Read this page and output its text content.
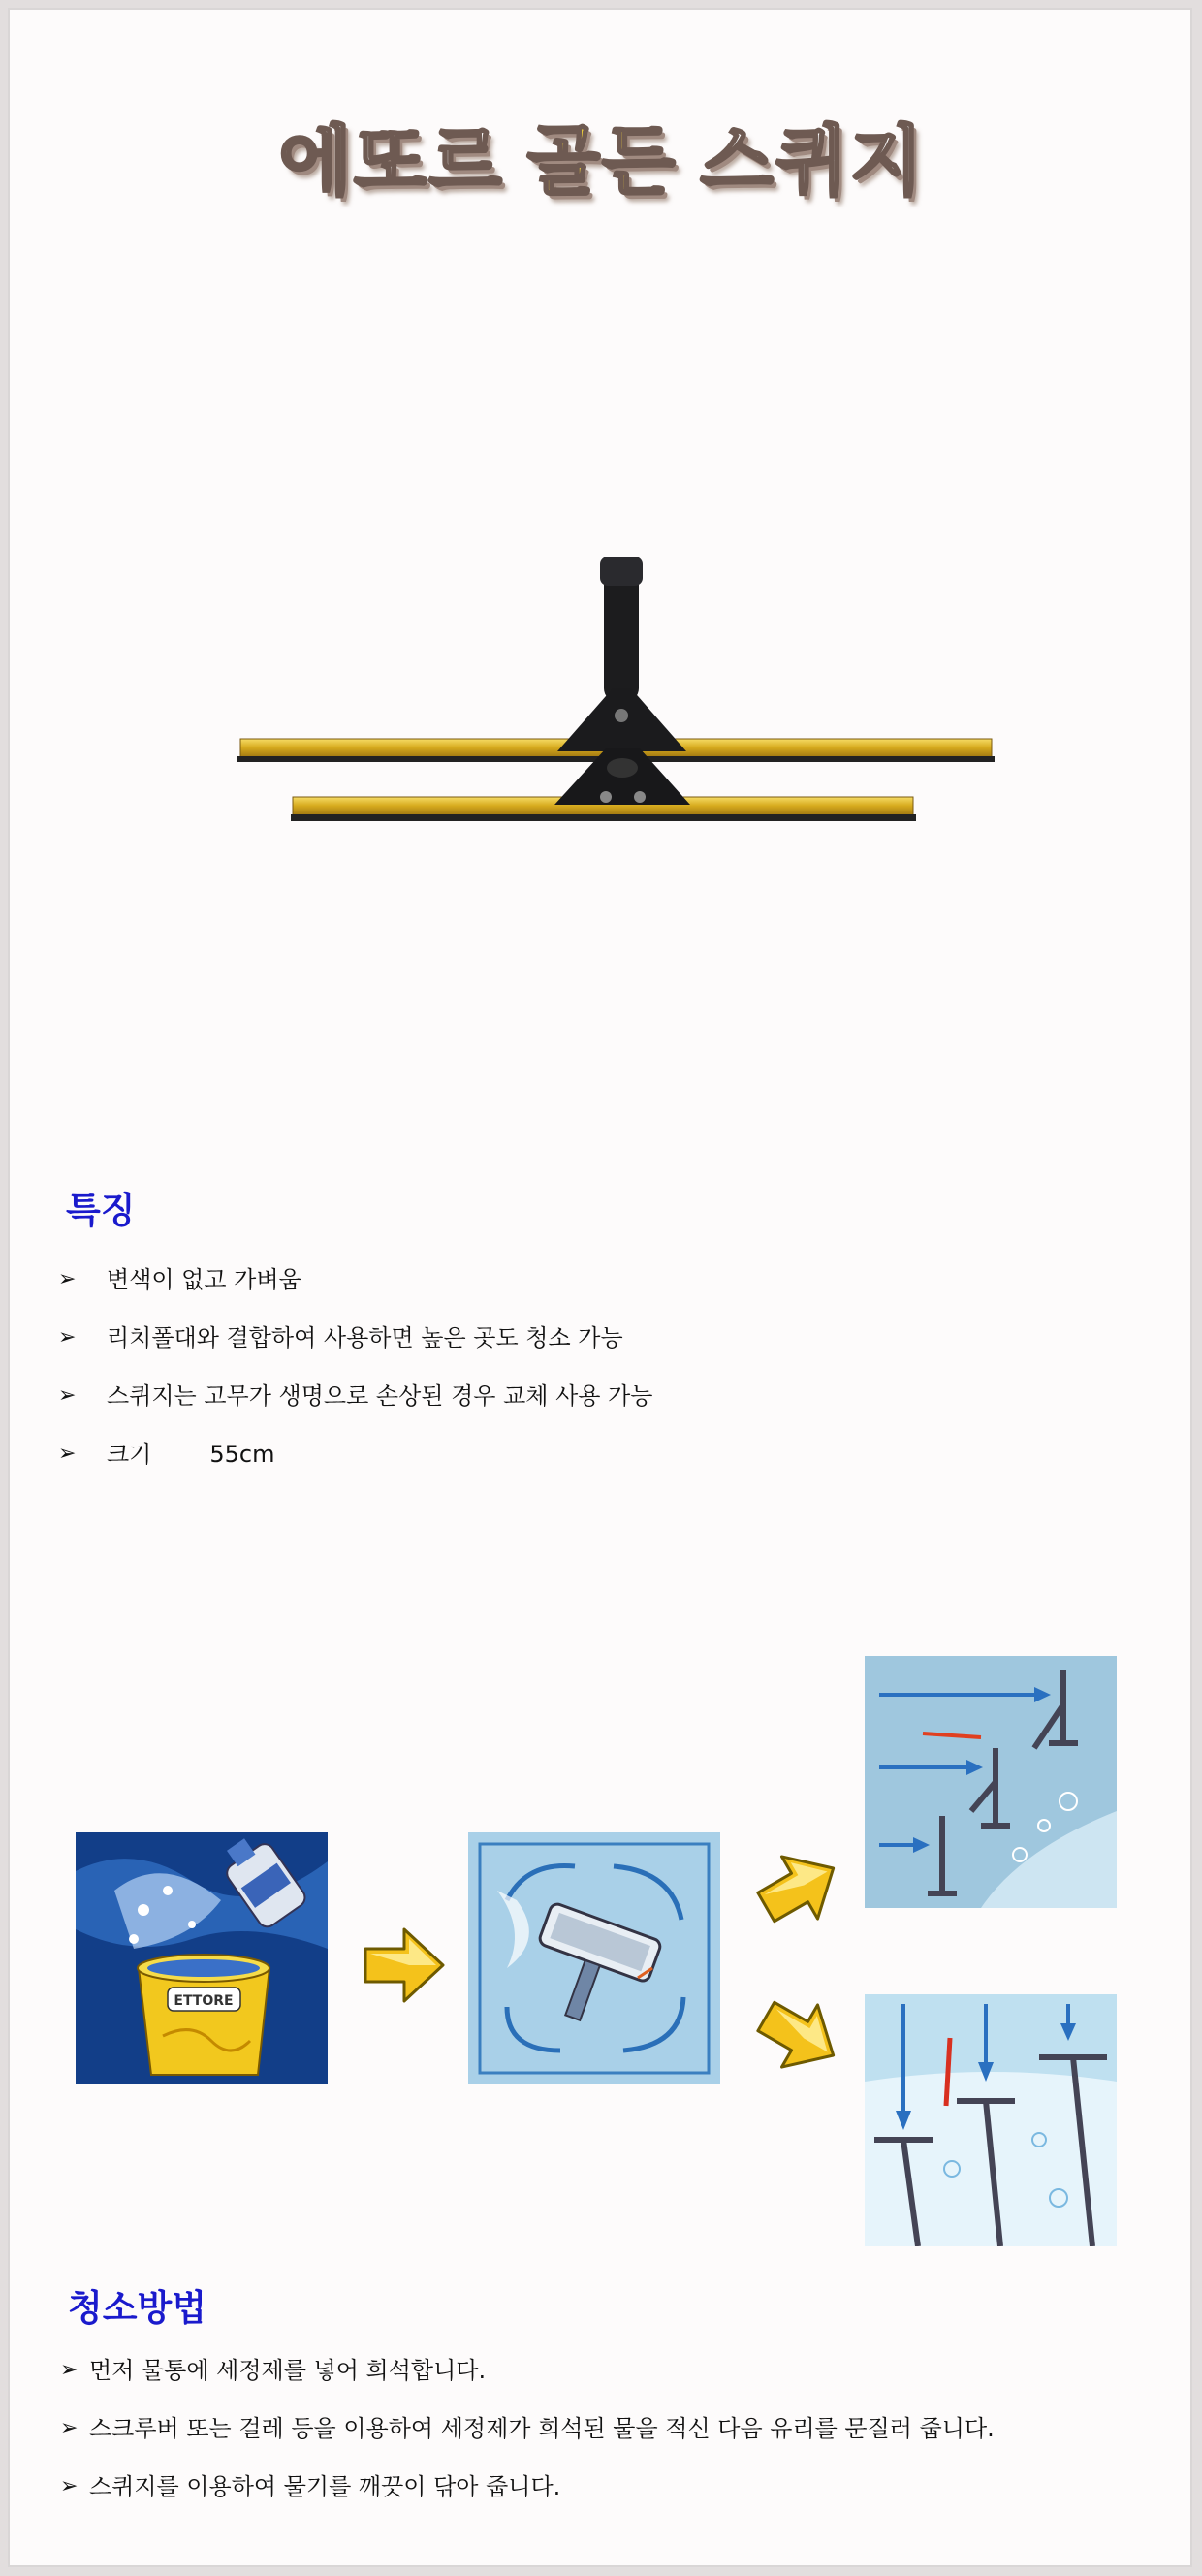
에또르 골든 스퀴지
특징
➢ 변색이 없고 가벼움
➢ 리치폴대와 결합하여 사용하면 높은 곳도 청소 가능
➢ 스퀴지는 고무가 생명으로 손상된 경우 교체 사용 가능
➢ 크기	55cm
ETTORE
청소방법
➢ 먼저 물통에 세정제를 넣어 희석합니다.
➢ 스크루버 또는 걸레 등을 이용하여 세정제가 희석된 물을 적신 다음 유리를 문질러 줍니다.
➢ 스퀴지를 이용하여 물기를 깨끗이 닦아 줍니다.
